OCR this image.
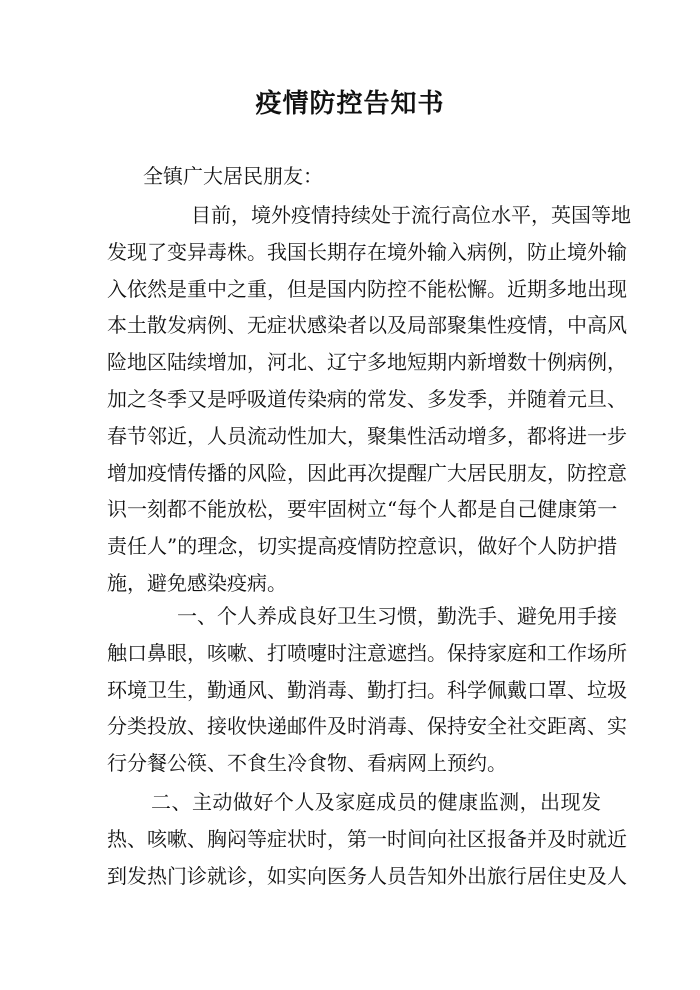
疫情防控告知书

全镇广大居民朋友：

目前，境外疫情持续处于流行高位水平，英国等地
发现了变异毒株。我国长期存在境外输入病例，防止境外输
入依然是重中之重，但是国内防控不能松懈。近期多地出现
本土散发病例、无症状感染者以及局部聚集性疫情，中高风
险地区陆续增加，河北、辽宁多地短期内新增数十例病例，
加之冬季又是呼吸道传染病的常发、多发季，并随着元旦、
春节邻近，人员流动性加大，聚集性活动增多，都将进一步
增加疫情传播的风险，因此再次提醒广大居民朋友，防控意
识一刻都不能放松，要牢固树立“每个人都是自己健康第一
责任人”的理念，切实提高疫情防控意识，做好个人防护措
施，避免感染疫病。
一、个人养成良好卫生习惯，勤洗手、避免用手接
触口鼻眼，咳嗽、打喷嚏时注意遮挡。保持家庭和工作场所
环境卫生，勤通风、勤消毒、勤打扫。科学佩戴口罩、垃圾
分类投放、接收快递邮件及时消毒、保持安全社交距离、实
行分餐公筷、不食生冷食物、看病网上预约。
二、主动做好个人及家庭成员的健康监测，出现发
热、咳嗽、胸闷等症状时，第一时间向社区报备并及时就近
到发热门诊就诊，如实向医务人员告知外出旅行居住史及人
